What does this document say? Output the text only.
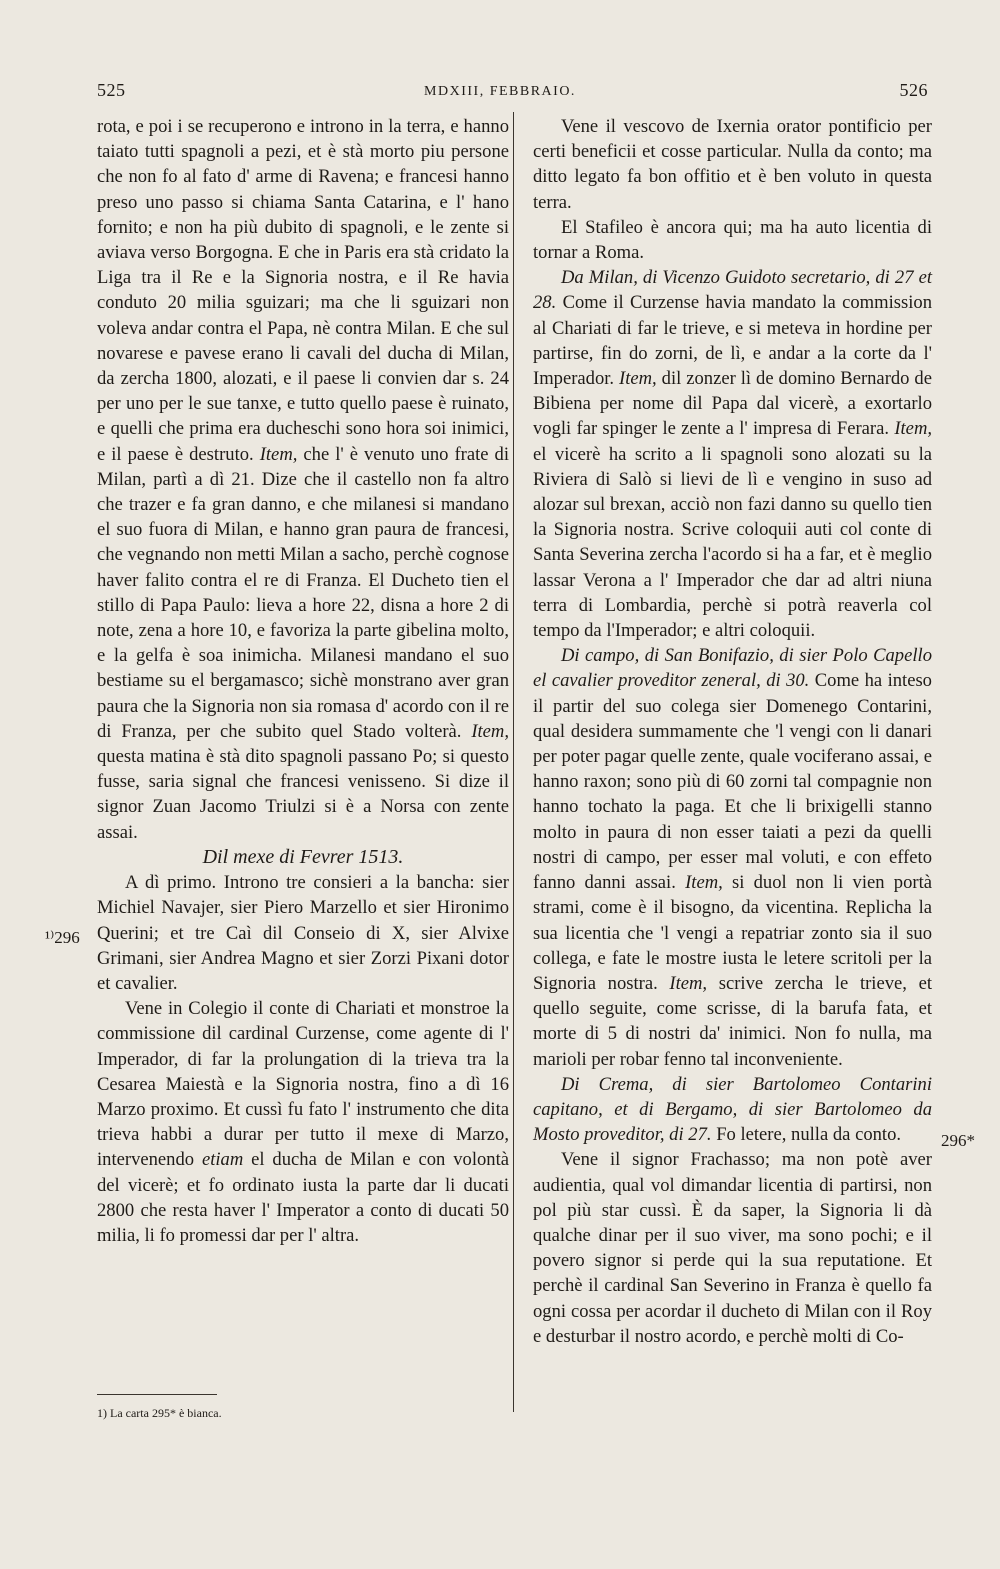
525	MDXIII, FEBBRAIO.	526

rota, e poi i se recuperono e introno in la terra, e hanno taiato tutti spagnoli a pezi, et è stà morto piu persone che non fo al fato d' arme di Ravena; e francesi hanno preso uno passo si chiama Santa Catarina, e l' hano fornito; e non ha più dubito di spagnoli, e le zente si aviava verso Borgogna. E che in Paris era stà cridato la Liga tra il Re e la Signoria nostra, e il Re havia conduto 20 milia sguizari; ma che li sguizari non voleva andar contra el Papa, nè contra Milan. E che sul novarese e pavese erano li cavali del ducha di Milan, da zercha 1800, alozati, e il paese li convien dar s. 24 per uno per le sue tanxe, e tutto quello paese è ruinato, e quelli che prima era ducheschi sono hora soi inimici, e il paese è destruto. Item, che l' è venuto uno frate di Milan, partì a dì 21. Dize che il castello non fa altro che trazer e fa gran danno, e che milanesi si mandano el suo fuora di Milan, e hanno gran paura de francesi, che vegnando non metti Milan a sacho, perchè cognose haver falito contra el re di Franza. El Ducheto tien el stillo di Papa Paulo: lieva a hore 22, disna a hore 2 di note, zena a hore 10, e favoriza la parte gibelina molto, e la gelfa è soa inimicha. Milanesi mandano el suo bestiame su el bergamasco; sichè monstrano aver gran paura che la Signoria non sia romasa d' acordo con il re di Franza, per che subito quel Stado volterà. Item, questa matina è stà dito spagnoli passano Po; si questo fusse, saria signal che francesi venisseno. Si dize il signor Zuan Jacomo Triulzi si è a Norsa con zente assai.

Dil mexe di Fevrer 1513.

A dì primo. Introno tre consieri a la bancha: sier Michiel Navajer, sier Piero Marzello et sier Hironimo Querini; et tre Caì dil Conseio di X, sier Alvixe Grimani, sier Andrea Magno et sier Zorzi Pixani dotor et cavalier.

Vene in Colegio il conte di Chariati et monstroe la commissione dil cardinal Curzense, come agente di l' Imperador, di far la prolungation di la trieva tra la Cesarea Maiestà e la Signoria nostra, fino a dì 16 Marzo proximo. Et cussì fu fato l' instrumento che dita trieva habbi a durar per tutto il mexe di Marzo, intervenendo etiam el ducha de Milan e con volontà del vicerè; et fo ordinato iusta la parte dar li ducati 2800 che resta haver l' Imperator a conto di ducati 50 milia, li fo promessi dar per l' altra.

Vene il vescovo de Ixernia orator pontificio per certi beneficii et cosse particular. Nulla da conto; ma ditto legato fa bon offitio et è ben voluto in questa terra.

El Stafileo è ancora qui; ma ha auto licentia di tornar a Roma.

Da Milan, di Vicenzo Guidoto secretario, di 27 et 28. Come il Curzense havia mandato la commission al Chariati di far le trieve, e si meteva in hordine per partirse, fin do zorni, de lì, e andar a la corte da l' Imperador. Item, dil zonzer lì de domino Bernardo de Bibiena per nome dil Papa dal vicerè, a exortarlo vogli far spinger le zente a l' impresa di Ferara. Item, el vicerè ha scrito a li spagnoli sono alozati su la Riviera di Salò si lievi de lì e vengino in suso ad alozar sul brexan, acciò non fazi danno su quello tien la Signoria nostra. Scrive coloquii auti col conte di Santa Severina zercha l'acordo si ha a far, et è meglio lassar Verona a l' Imperador che dar ad altri niuna terra di Lombardia, perchè si potrà reaverla col tempo da l'Imperador; e altri coloquii.

Di campo, di San Bonifazio, di sier Polo Capello el cavalier proveditor zeneral, di 30. Come ha inteso il partir del suo colega sier Domenego Contarini, qual desidera summamente che 'l vengi con li danari per poter pagar quelle zente, quale vociferano assai, e hanno raxon; sono più di 60 zorni tal compagnie non hanno tochato la paga. Et che li brixigelli stanno molto in paura di non esser taiati a pezi da quelli nostri di campo, per esser mal voluti, e con effeto fanno danni assai. Item, si duol non li vien portà strami, come è il bisogno, da vicentina. Replicha la sua licentia che 'l vengi a repatriar zonto sia il suo collega, e fate le mostre iusta le letere scritoli per la Signoria nostra. Item, scrive zercha le trieve, et quello seguite, come scrisse, di la barufa fata, et morte di 5 di nostri da' inimici. Non fo nulla, ma marioli per robar fenno tal inconveniente.

Di Crema, di sier Bartolomeo Contarini capitano, et di Bergamo, di sier Bartolomeo da Mosto proveditor, di 27. Fo letere, nulla da conto.

Vene il signor Frachasso; ma non potè aver audientia, qual vol dimandar licentia di partirsi, non pol più star cussì. È da saper, la Signoria li dà qualche dinar per il suo viver, ma sono pochi; e il povero signor si perde qui la sua reputatione. Et perchè il cardinal San Severino in Franza è quello fa ogni cossa per acordar il ducheto di Milan con il Roy e desturbar il nostro acordo, e perchè molti di Co-

¹⁾296
296*
1) La carta 295* è bianca.
